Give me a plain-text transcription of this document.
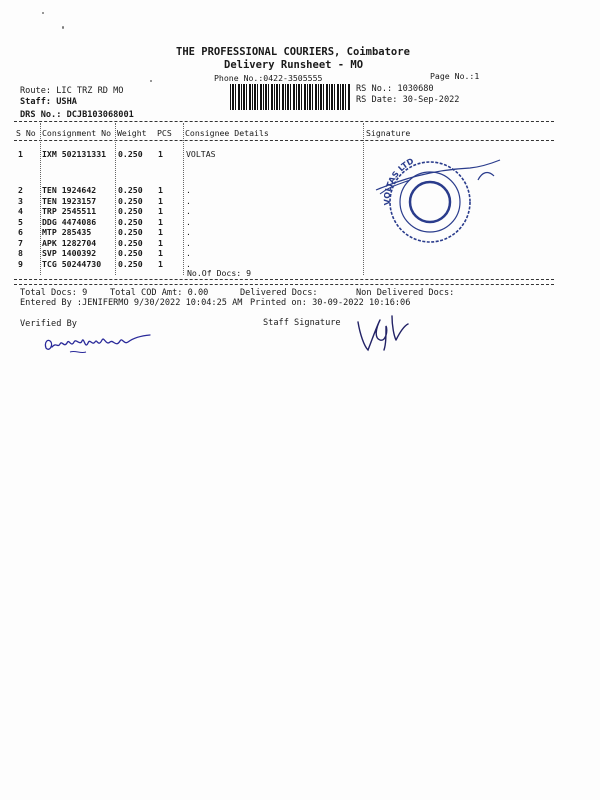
THE PROFESSIONAL COURIERS, Coimbatore
Delivery Runsheet - MO
Phone No.:0422-3505555	Page No.:1
Route: LIC TRZ RD MO
Staff: USHA
DRS No.: DCJB103068001
RS No.: 1030680
RS Date: 30-Sep-2022
S No Consignment No Weight PCS Consignee Details	Signature
1 IXM 502131331 0.250 1	VOLTAS
2 TEN 1924642	0.250 1	.
3 TEN 1923157	0.250 1	.
4 TRP 2545511	0.250 1	.
5 DDG 4474086	0.250 1	.
6 MTP 285435	0.250 1	.
7 APK 1282704	0.250 1	.
8 SVP 1400392	0.250 1	.
9 TCG 50244730 0.250 1	.
No.Of Docs: 9
Total Docs: 9	Total COD Amt: 0.00	Delivered Docs:	Non Delivered Docs:
Entered By :JENIFERMO 9/30/2022 10:04:25 AM Printed on: 30-09-2022 10:16:06
Verified By	Staff Signature
VOLTAS LTD
